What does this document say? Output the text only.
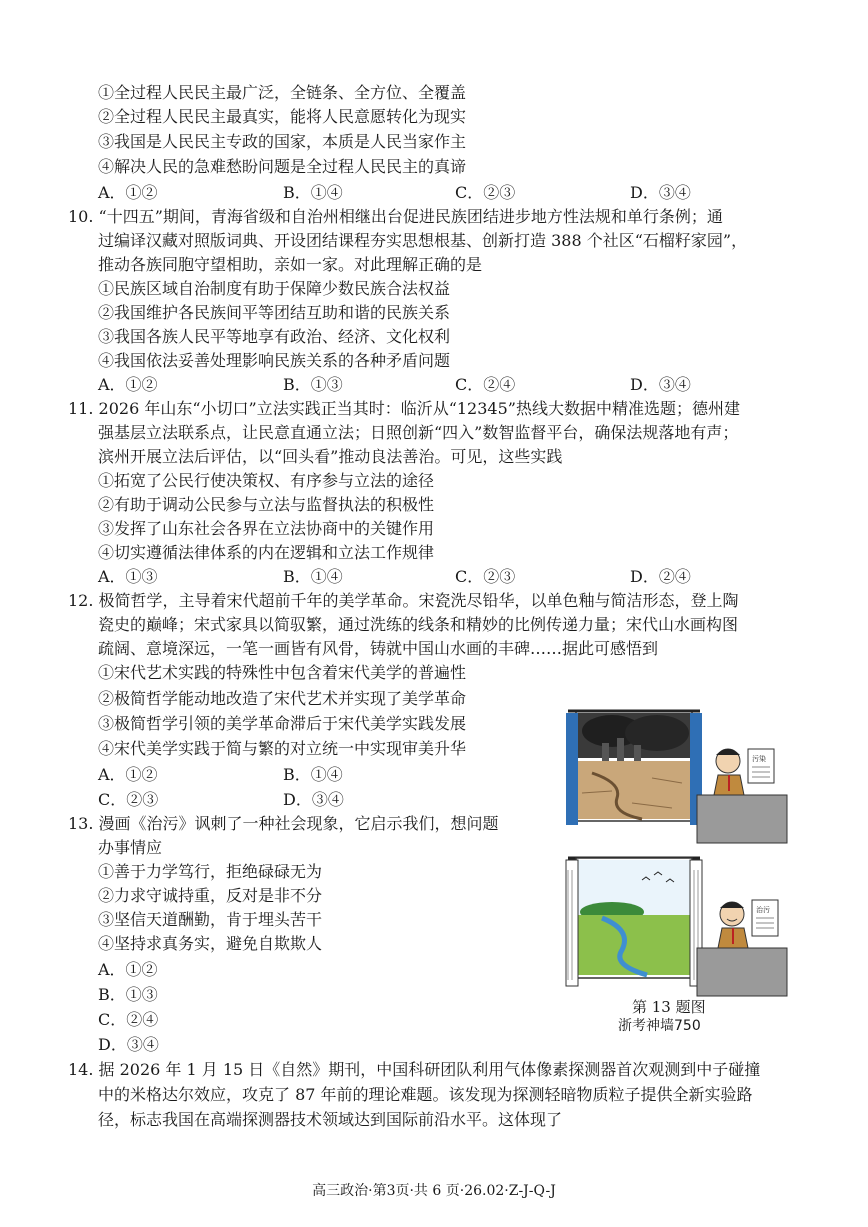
①全过程人民民主最广泛，全链条、全方位、全覆盖
②全过程人民民主最真实，能将人民意愿转化为现实
③我国是人民民主专政的国家，本质是人民当家作主
④解决人民的急难愁盼问题是全过程人民民主的真谛
A．①②	B．①④	C．②③	D．③④
10. “十四五”期间，青海省级和自治州相继出台促进民族团结进步地方性法规和单行条例；通
过编译汉藏对照版词典、开设团结课程夯实思想根基、创新打造 388 个社区“石榴籽家园”，
推动各族同胞守望相助，亲如一家。对此理解正确的是
①民族区域自治制度有助于保障少数民族合法权益
②我国维护各民族间平等团结互助和谐的民族关系
③我国各族人民平等地享有政治、经济、文化权利
④我国依法妥善处理影响民族关系的各种矛盾问题
A．①②	B．①③	C．②④	D．③④
11. 2026 年山东“小切口”立法实践正当其时：临沂从“12345”热线大数据中精准选题；德州建
强基层立法联系点，让民意直通立法；日照创新“四入”数智监督平台，确保法规落地有声；
滨州开展立法后评估，以“回头看”推动良法善治。可见，这些实践
①拓宽了公民行使决策权、有序参与立法的途径
②有助于调动公民参与立法与监督执法的积极性
③发挥了山东社会各界在立法协商中的关键作用
④切实遵循法律体系的内在逻辑和立法工作规律
A．①③	B．①④	C．②③	D．②④
12. 极简哲学，主导着宋代超前千年的美学革命。宋瓷洗尽铅华，以单色釉与简洁形态，登上陶
瓷史的巅峰；宋式家具以简驭繁，通过洗练的线条和精妙的比例传递力量；宋代山水画构图
疏阔、意境深远，一笔一画皆有风骨，铸就中国山水画的丰碑……据此可感悟到
①宋代艺术实践的特殊性中包含着宋代美学的普遍性
②极简哲学能动地改造了宋代艺术并实现了美学革命
③极简哲学引领的美学革命滞后于宋代美学实践发展
④宋代美学实践于简与繁的对立统一中实现审美升华
A．①②	B．①④
C．②③	D．③④
13. 漫画《治污》讽刺了一种社会现象，它启示我们，想问题
办事情应
①善于力学笃行，拒绝碌碌无为
②力求守诚持重，反对是非不分
③坚信天道酬勤，肯于埋头苦干
④坚持求真务实，避免自欺欺人
A．①②
B．①③
C．②④
D．③④
污染
治污
第 13 题图
浙考神墙750
14. 据 2026 年 1 月 15 日《自然》期刊，中国科研团队利用气体像素探测器首次观测到中子碰撞
中的米格达尔效应，攻克了 87 年前的理论难题。该发现为探测轻暗物质粒子提供全新实验路
径，标志我国在高端探测器技术领域达到国际前沿水平。这体现了
高三政治·第3页·共 6 页·26.02·Z-J-Q-J
